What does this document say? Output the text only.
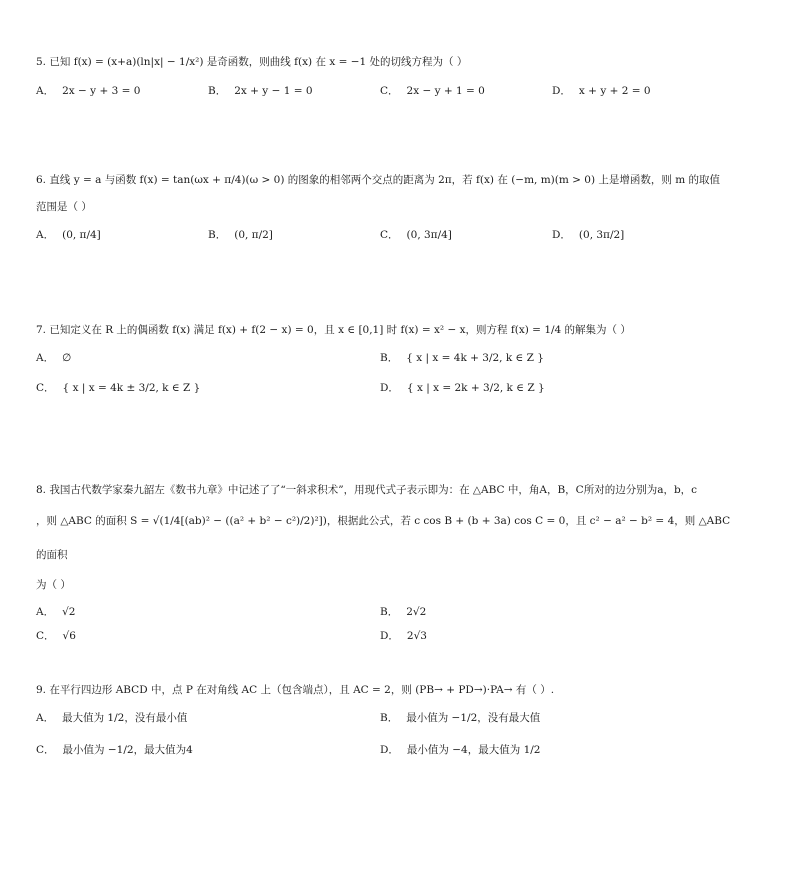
5. 已知 f(x) = (x+a)(ln|x| − 1/x²) 是奇函数，则曲线 f(x) 在 x = −1 处的切线方程为（ ）
A． 2x − y + 3 = 0	B． 2x + y − 1 = 0	C． 2x − y + 1 = 0	D． x + y + 2 = 0
6. 直线 y = a 与函数 f(x) = tan(ωx + π/4)(ω > 0) 的图象的相邻两个交点的距离为 2π，若 f(x) 在 (−m, m)(m > 0) 上是增函数，则 m 的取值
范围是（ ）
A． (0, π/4]	B． (0, π/2]	C． (0, 3π/4]	D． (0, 3π/2]
7. 已知定义在 R 上的偶函数 f(x) 满足 f(x) + f(2 − x) = 0，且 x ∈ [0,1] 时 f(x) = x² − x，则方程 f(x) = 1/4 的解集为（ ）
A． ∅	B． { x | x = 4k + 3/2, k ∈ Z }
C． { x | x = 4k ± 3/2, k ∈ Z }	D． { x | x = 2k + 3/2, k ∈ Z }
8. 我国古代数学家秦九韶左《数书九章》中记述了了“一斜求积术”，用现代式子表示即为：在 △ABC 中，角A，B，C所对的边分别为a，b，c
，则 △ABC 的面积 S = √(1/4[(ab)² − ((a² + b² − c²)/2)²])，根据此公式，若 c cos B + (b + 3a) cos C = 0，且 c² − a² − b² = 4，则 △ABC 的面积
为（ ）
A． √2	B． 2√2
C． √6	D． 2√3
9. 在平行四边形 ABCD 中，点 P 在对角线 AC 上（包含端点），且 AC = 2，则 (PB→ + PD→)·PA→ 有（ ）.
A． 最大值为 1/2，没有最小值	B． 最小值为 −1/2，没有最大值
C． 最小值为 −1/2，最大值为4	D． 最小值为 −4，最大值为 1/2
